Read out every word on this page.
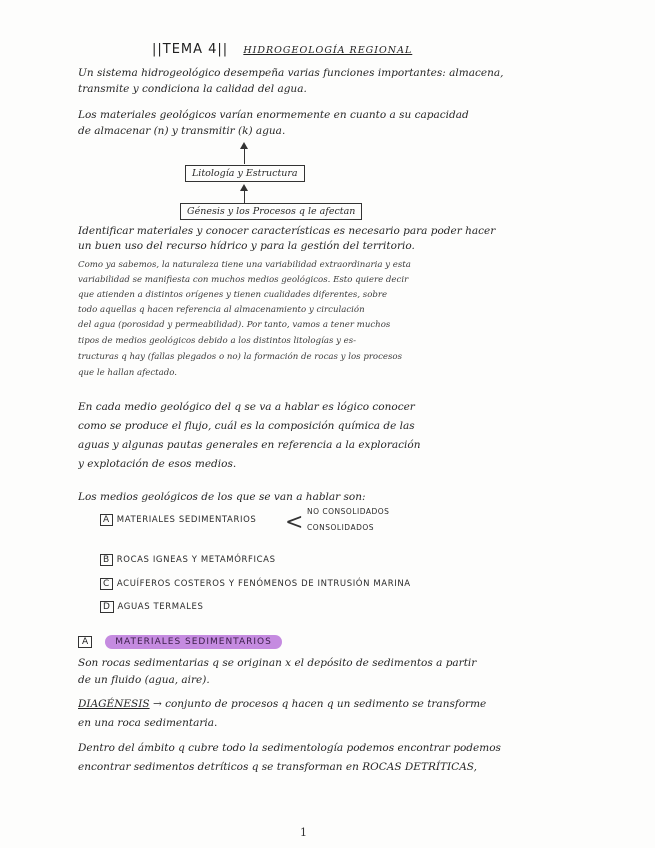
||TEMA 4|| HIDROGEOLOGÍA REGIONAL
Un sistema hidrogeológico desempeña varias funciones importantes: almacena,
transmite y condiciona la calidad del agua.
Los materiales geológicos varían enormemente en cuanto a su capacidad
de almacenar (n) y transmitir (k) agua.
Litología y Estructura
Génesis y los Procesos q le afectan
Identificar materiales y conocer características es necesario para poder hacer
un buen uso del recurso hídrico y para la gestión del territorio.
Como ya sabemos, la naturaleza tiene una variabilidad extraordinaria y esta
variabilidad se manifiesta con muchos medios geológicos. Esto quiere decir
que atienden a distintos orígenes y tienen cualidades diferentes, sobre
todo aquellas q hacen referencia al almacenamiento y circulación
del agua (porosidad y permeabilidad). Por tanto, vamos a tener muchos
tipos de medios geológicos debido a los distintos litologías y es-
tructuras q hay (fallas plegados o no) la formación de rocas y los procesos
que le hallan afectado.
En cada medio geológico del q se va a hablar es lógico conocer
como se produce el flujo, cuál es la composición química de las
aguas y algunas pautas generales en referencia a la exploración
y explotación de esos medios.
Los medios geológicos de los que se van a hablar son:
A MATERIALES SEDIMENTARIOS < NO CONSOLIDADOS
CONSOLIDADOS
B ROCAS IGNEAS Y METAMÓRFICAS
C ACUÍFEROS COSTEROS Y FENÓMENOS DE INTRUSIÓN MARINA
D AGUAS TERMALES
A	MATERIALES SEDIMENTARIOS
Son rocas sedimentarias q se originan x el depósito de sedimentos a partir
de un fluido (agua, aire).
DIAGÉNESIS → conjunto de procesos q hacen q un sedimento se transforme
en una roca sedimentaria.
Dentro del ámbito q cubre todo la sedimentología podemos encontrar podemos
encontrar sedimentos detríticos q se transforman en ROCAS DETRÍTICAS,
1
